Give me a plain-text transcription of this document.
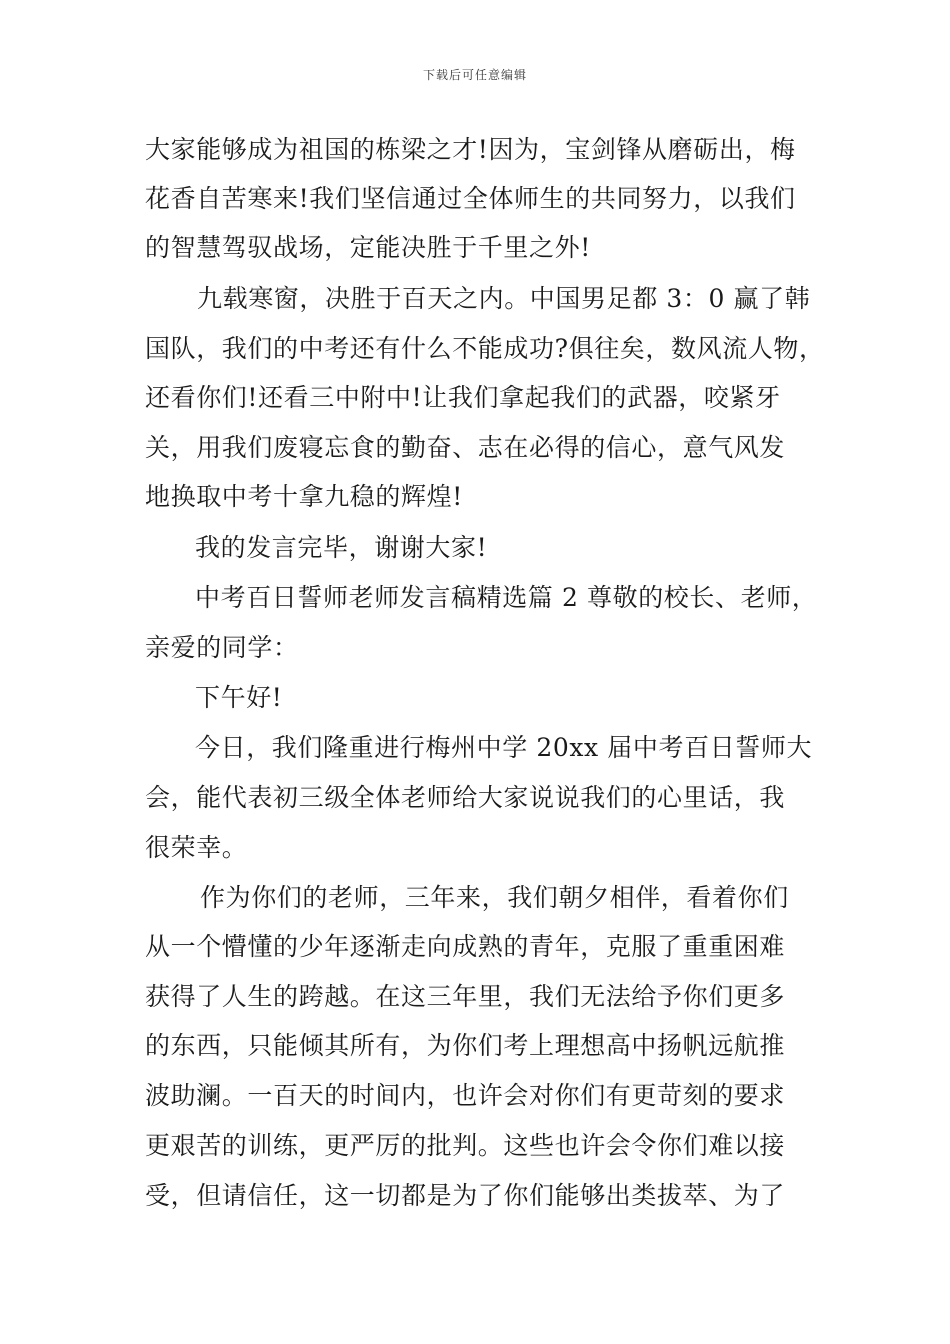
下载后可任意编辑
大家能够成为祖国的栋梁之才!因为，宝剑锋从磨砺出，梅
花香自苦寒来!我们坚信通过全体师生的共同努力，以我们
的智慧驾驭战场，定能决胜于千里之外!
九载寒窗，决胜于百天之内。中国男足都 3：0 赢了韩
国队，我们的中考还有什么不能成功?俱往矣，数风流人物，
还看你们!还看三中附中!让我们拿起我们的武器，咬紧牙
关，用我们废寝忘食的勤奋、志在必得的信心，意气风发
地换取中考十拿九稳的辉煌!
我的发言完毕，谢谢大家!
中考百日誓师老师发言稿精选篇 2 尊敬的校长、老师，
亲爱的同学：
下午好!
今日，我们隆重进行梅州中学 20xx 届中考百日誓师大
会，能代表初三级全体老师给大家说说我们的心里话，我
很荣幸。
作为你们的老师，三年来，我们朝夕相伴，看着你们
从一个懵懂的少年逐渐走向成熟的青年，克服了重重困难
获得了人生的跨越。在这三年里，我们无法给予你们更多
的东西，只能倾其所有，为你们考上理想高中扬帆远航推
波助澜。一百天的时间内，也许会对你们有更苛刻的要求
更艰苦的训练，更严厉的批判。这些也许会令你们难以接
受，但请信任，这一切都是为了你们能够出类拔萃、为了
